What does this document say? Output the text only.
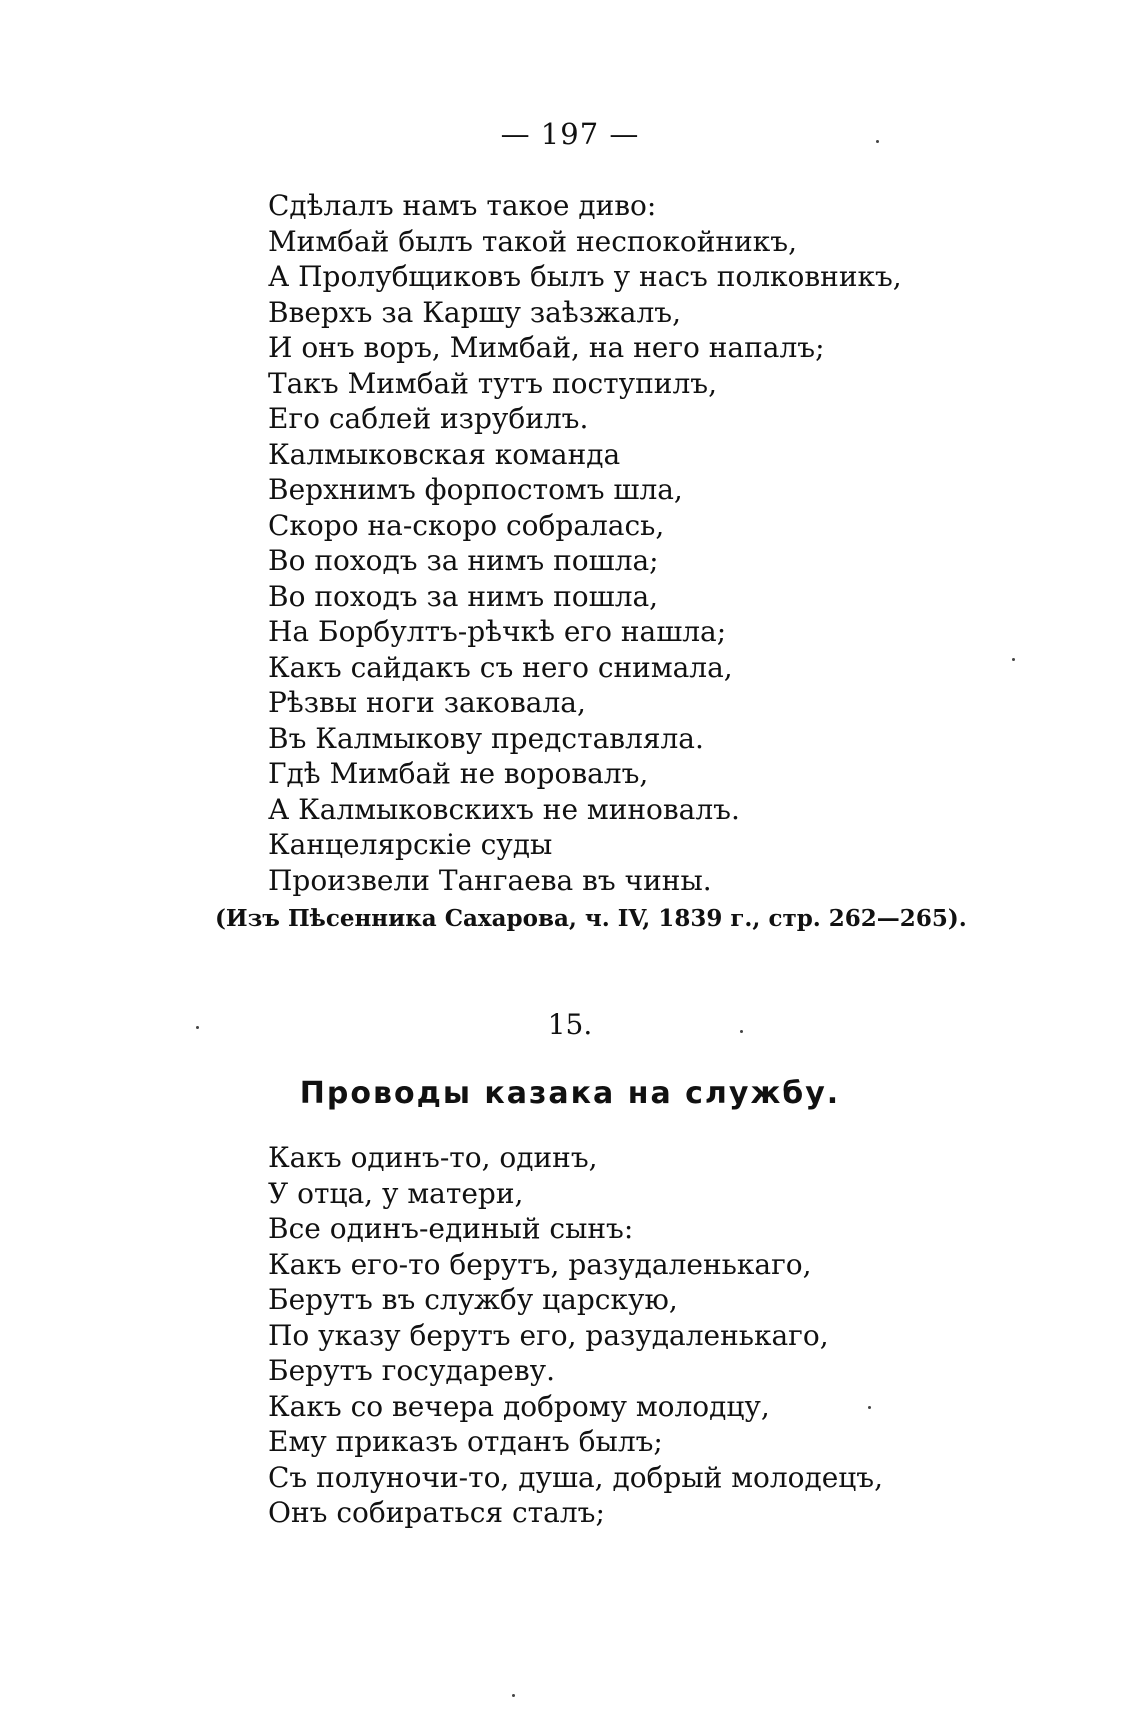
— 197 —
Сдѣлалъ намъ такое диво:
Мимбай былъ такой неспокойникъ,
А Пролубщиковъ былъ у насъ полковникъ,
Вверхъ за Каршу заѣзжалъ,
И онъ воръ, Мимбай, на него напалъ;
Такъ Мимбай тутъ поступилъ,
Его саблей изрубилъ.
Калмыковская команда
Верхнимъ форпостомъ шла,
Скоро на-скоро собралась,
Во походъ за нимъ пошла;
Во походъ за нимъ пошла,
На Борбултъ-рѣчкѣ его нашла;
Какъ сайдакъ съ него снимала,
Рѣзвы ноги заковала,
Въ Калмыкову представляла.
Гдѣ Мимбай не воровалъ,
А Калмыковскихъ не миновалъ.
Канцелярскіе суды
Произвели Тангаева въ чины.
(Изъ Пѣсенника Сахарова, ч. IV, 1839 г., стр. 262—265).
15.
Проводы казака на службу.
Какъ одинъ-то, одинъ,
У отца, у матери,
Все одинъ-единый сынъ:
Какъ его-то берутъ, разудаленькаго,
Берутъ въ службу царскую,
По указу берутъ его, разудаленькаго,
Берутъ государеву.
Какъ со вечера доброму молодцу,
Ему приказъ отданъ былъ;
Съ полуночи-то, душа, добрый молодецъ,
Онъ собираться сталъ;
